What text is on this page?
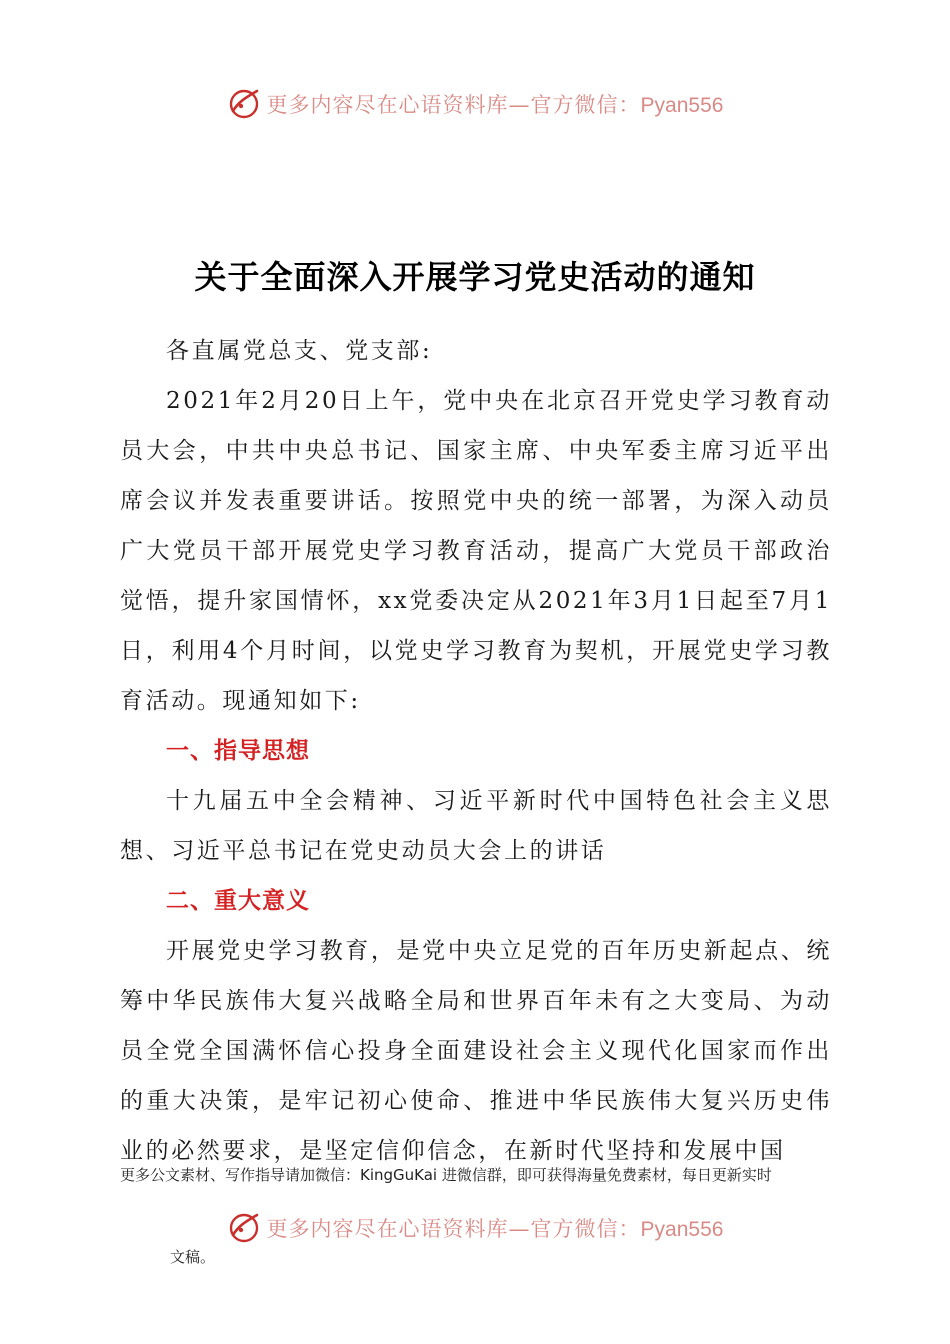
更多内容尽在心语资料库—官方微信：Pyan556
关于全面深入开展学习党史活动的通知

各直属党总支、党支部:

2021年2月20日上午，党中央在北京召开党史学习教育动员大会，中共中央总书记、国家主席、中央军委主席习近平出席会议并发表重要讲话。按照党中央的统一部署，为深入动员广大党员干部开展党史学习教育活动，提高广大党员干部政治觉悟，提升家国情怀，xx党委决定从2021年3月1日起至7月1日，利用4个月时间，以党史学习教育为契机，开展党史学习教育活动。现通知如下:

一、指导思想

十九届五中全会精神、习近平新时代中国特色社会主义思想、习近平总书记在党史动员大会上的讲话

二、重大意义

开展党史学习教育，是党中央立足党的百年历史新起点、统筹中华民族伟大复兴战略全局和世界百年未有之大变局、为动员全党全国满怀信心投身全面建设社会主义现代化国家而作出的重大决策，是牢记初心使命、推进中华民族伟大复兴历史伟业的必然要求，是坚定信仰信念，在新时代坚持和发展中国

更多公文素材、写作指导请加微信：KingGuKai 进微信群，即可获得海量免费素材，每日更新实时
更多内容尽在心语资料库—官方微信：Pyan556
文稿。
